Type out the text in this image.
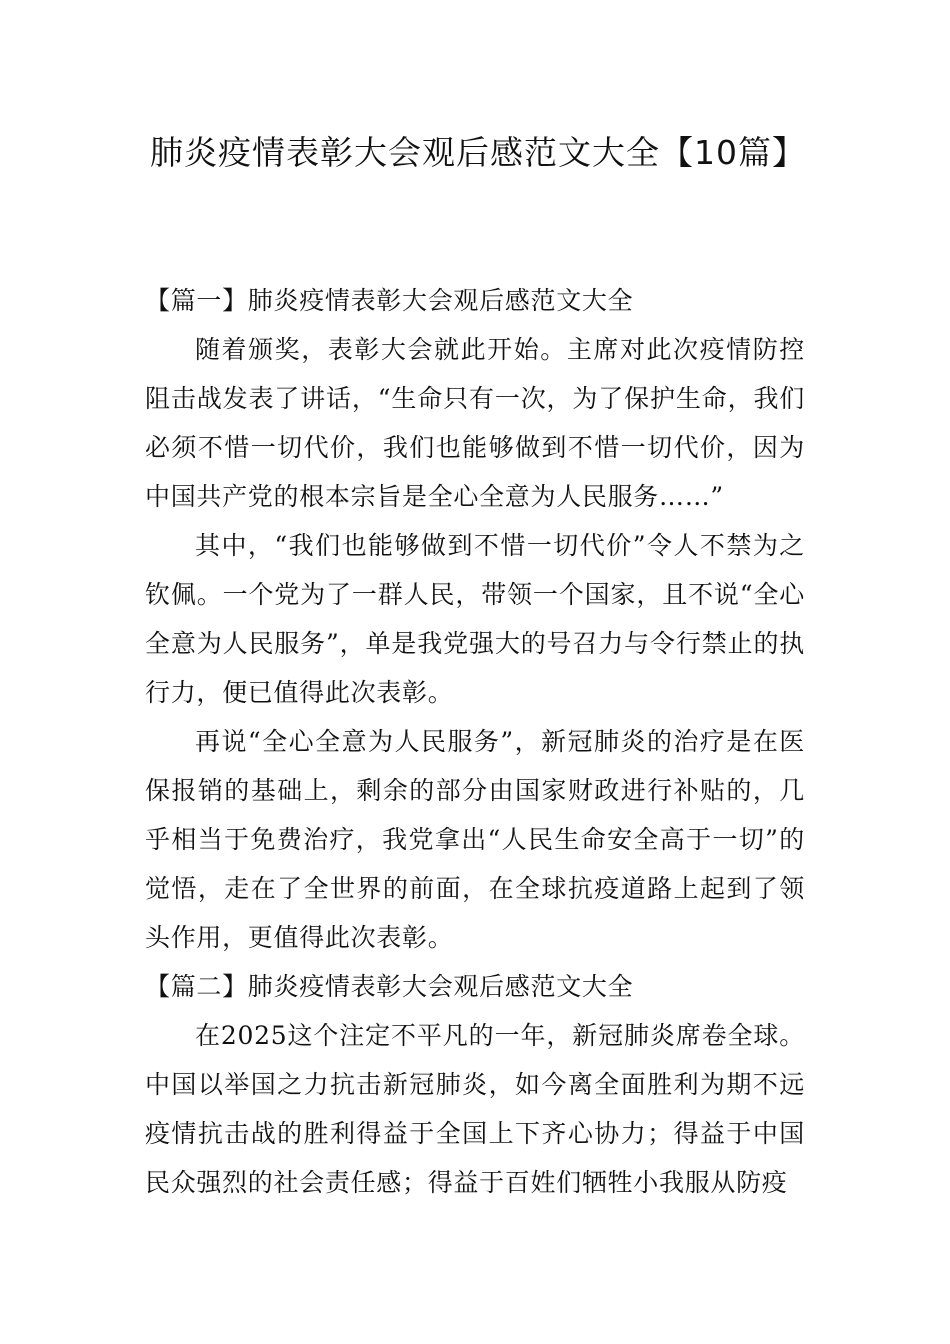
肺炎疫情表彰大会观后感范文大全【10篇】
【篇一】肺炎疫情表彰大会观后感范文大全

随着颁奖，表彰大会就此开始。主席对此次疫情防控阻击战发表了讲话，“生命只有一次，为了保护生命，我们必须不惜一切代价，我们也能够做到不惜一切代价，因为中国共产党的根本宗旨是全心全意为人民服务……”

其中，“我们也能够做到不惜一切代价”令人不禁为之钦佩。一个党为了一群人民，带领一个国家，且不说“全心全意为人民服务”，单是我党强大的号召力与令行禁止的执行力，便已值得此次表彰。

再说“全心全意为人民服务”，新冠肺炎的治疗是在医保报销的基础上，剩余的部分由国家财政进行补贴的，几乎相当于免费治疗，我党拿出“人民生命安全高于一切”的觉悟，走在了全世界的前面，在全球抗疫道路上起到了领头作用，更值得此次表彰。

【篇二】肺炎疫情表彰大会观后感范文大全

在2025这个注定不平凡的一年，新冠肺炎席卷全球。中国以举国之力抗击新冠肺炎，如今离全面胜利为期不远疫情抗击战的胜利得益于全国上下齐心协力；得益于中国民众强烈的社会责任感；得益于百姓们牺牲小我服从防疫
